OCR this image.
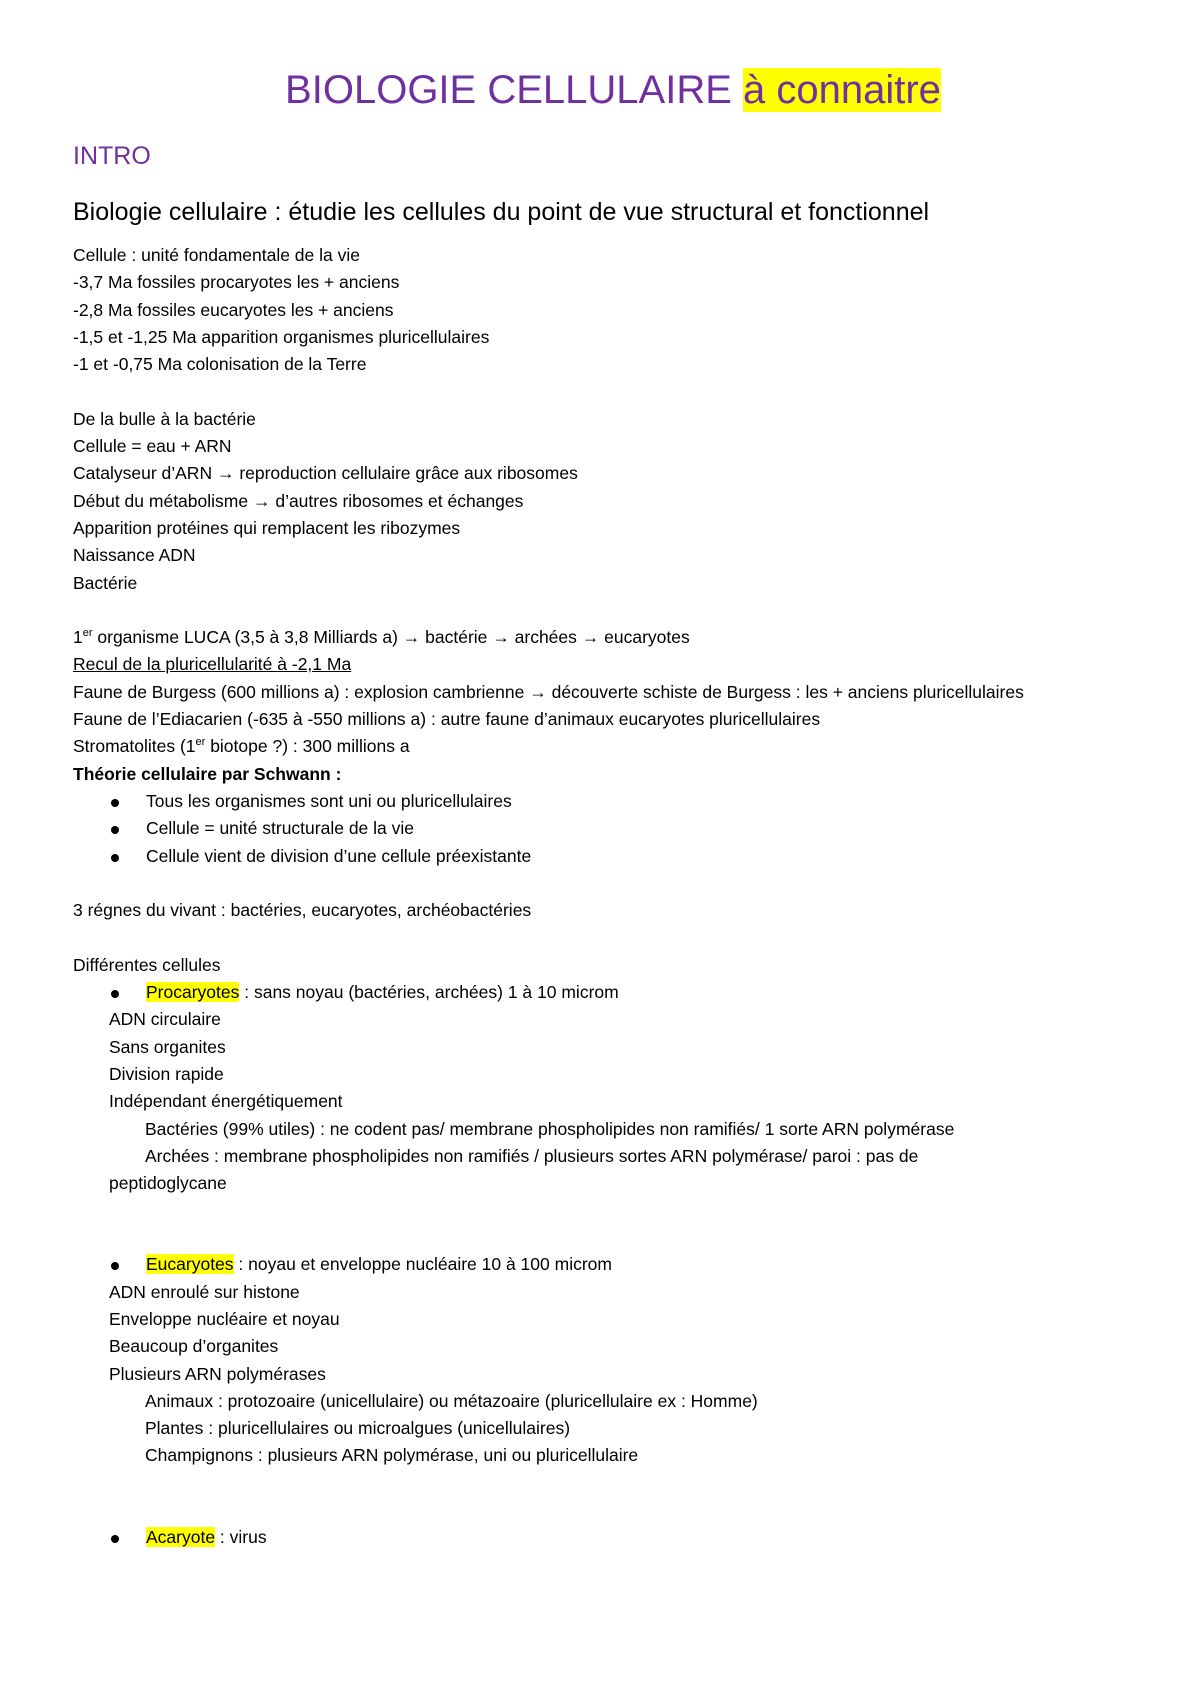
BIOLOGIE CELLULAIRE à connaitre
INTRO
Biologie cellulaire : étudie les cellules du point de vue structural et fonctionnel
Cellule : unité fondamentale de la vie
-3,7 Ma fossiles procaryotes les + anciens
-2,8 Ma fossiles eucaryotes les + anciens
-1,5 et -1,25 Ma apparition organismes pluricellulaires
-1 et -0,75 Ma colonisation de la Terre
De la bulle à la bactérie
Cellule = eau + ARN
Catalyseur d’ARN → reproduction cellulaire grâce aux ribosomes
Début du métabolisme → d’autres ribosomes et échanges
Apparition protéines qui remplacent les ribozymes
Naissance ADN
Bactérie
1er organisme LUCA (3,5 à 3,8 Milliards a) → bactérie → archées → eucaryotes
Recul de la pluricellularité à -2,1 Ma
Faune de Burgess (600 millions a) : explosion cambrienne → découverte schiste de Burgess : les + anciens pluricellulaires
Faune de l’Ediacarien (-635 à -550 millions a) : autre faune d’animaux eucaryotes pluricellulaires
Stromatolites (1er biotope ?) : 300 millions a
Théorie cellulaire par Schwann :
Tous les organismes sont uni ou pluricellulaires
Cellule = unité structurale de la vie
Cellule vient de division d’une cellule préexistante
3 régnes du vivant : bactéries, eucaryotes, archéobactéries
Différentes cellules
Procaryotes : sans noyau (bactéries, archées) 1 à 10 microm
ADN circulaire
Sans organites
Division rapide
Indépendant énergétiquement
Bactéries (99% utiles) : ne codent pas/ membrane phospholipides non ramifiés/ 1 sorte ARN polymérase
Archées : membrane phospholipides non ramifiés / plusieurs sortes ARN polymérase/ paroi : pas de
peptidoglycane
Eucaryotes : noyau et enveloppe nucléaire 10 à 100 microm
ADN enroulé sur histone
Enveloppe nucléaire et noyau
Beaucoup d’organites
Plusieurs ARN polymérases
Animaux : protozoaire (unicellulaire) ou métazoaire (pluricellulaire ex : Homme)
Plantes : pluricellulaires ou microalgues (unicellulaires)
Champignons : plusieurs ARN polymérase, uni ou pluricellulaire
Acaryote : virus
